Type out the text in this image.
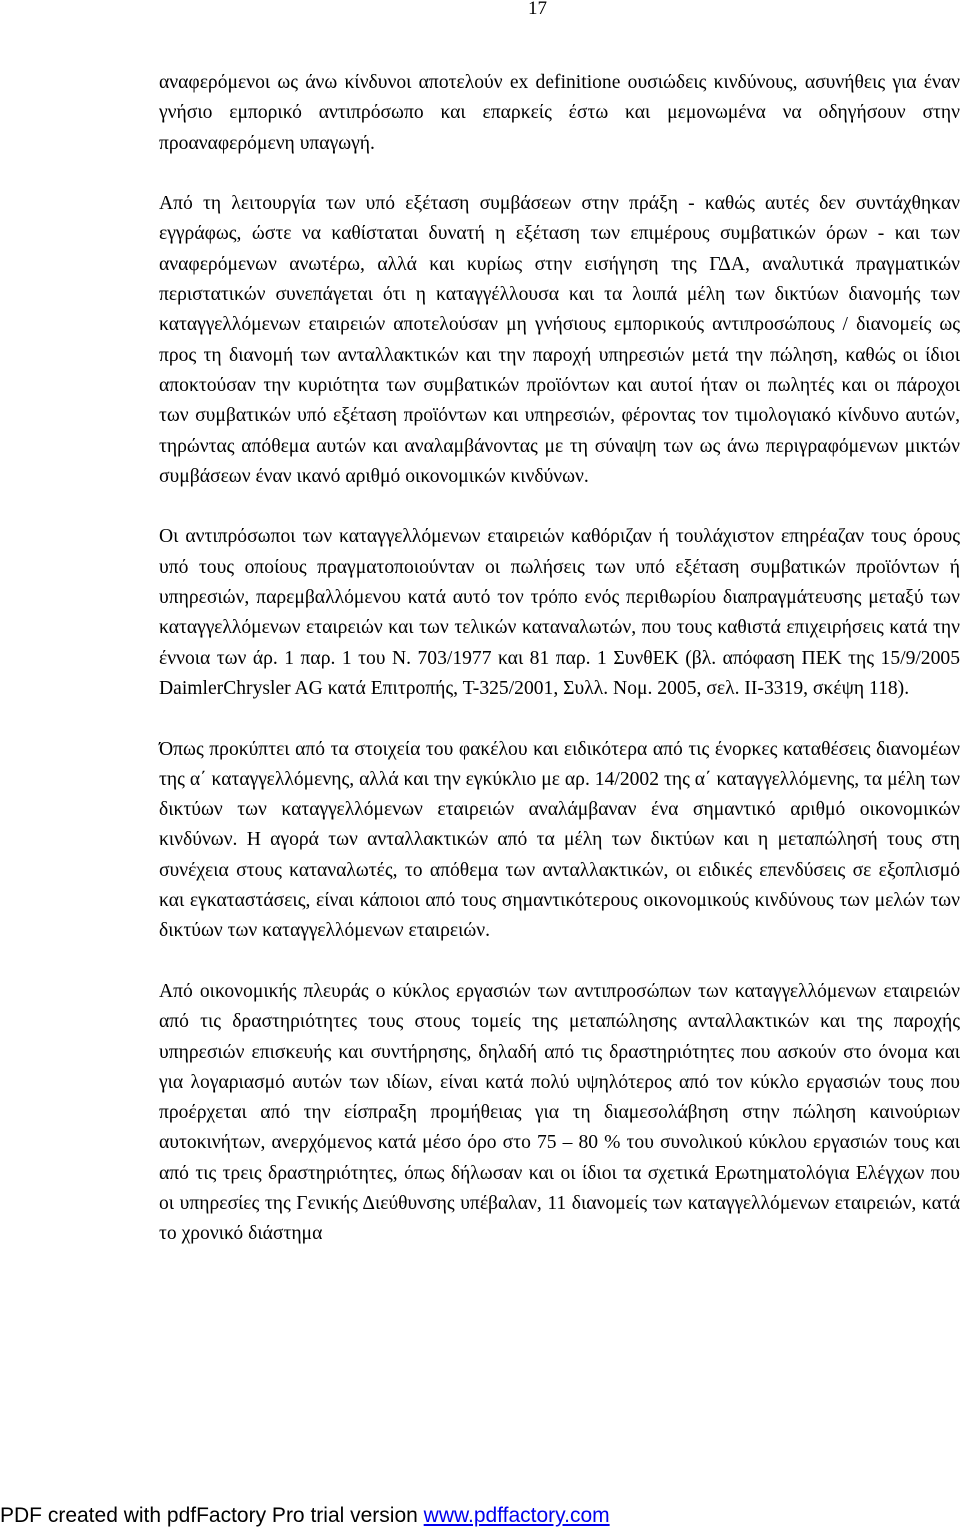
17

αναφερόμενοι ως άνω κίνδυνοι αποτελούν ex definitione ουσιώδεις κινδύνους, ασυνήθεις για έναν γνήσιο εμπορικό αντιπρόσωπο και επαρκείς έστω και μεμονωμένα να οδηγήσουν στην προαναφερόμενη υπαγωγή.

Από τη λειτουργία των υπό εξέταση συμβάσεων στην πράξη - καθώς αυτές δεν συντάχθηκαν εγγράφως, ώστε να καθίσταται δυνατή η εξέταση των επιμέρους συμβατικών όρων - και των αναφερόμενων ανωτέρω, αλλά και κυρίως στην εισήγηση της ΓΔΑ, αναλυτικά πραγματικών περιστατικών συνεπάγεται ότι η καταγγέλλουσα και τα λοιπά μέλη των δικτύων διανομής των καταγγελλόμενων εταιρειών αποτελούσαν μη γνήσιους εμπορικούς αντιπροσώπους / διανομείς ως προς τη διανομή των ανταλλακτικών και την παροχή υπηρεσιών μετά την πώληση, καθώς οι ίδιοι αποκτούσαν την κυριότητα των συμβατικών προϊόντων και αυτοί ήταν οι πωλητές και οι πάροχοι των συμβατικών υπό εξέταση προϊόντων και υπηρεσιών, φέροντας τον τιμολογιακό κίνδυνο αυτών, τηρώντας απόθεμα αυτών και αναλαμβάνοντας με τη σύναψη των ως άνω περιγραφόμενων μικτών συμβάσεων έναν ικανό αριθμό οικονομικών κινδύνων.

Οι αντιπρόσωποι των καταγγελλόμενων εταιρειών καθόριζαν ή τουλάχιστον επηρέαζαν τους όρους υπό τους οποίους πραγματοποιούνταν οι πωλήσεις των υπό εξέταση συμβατικών προϊόντων ή υπηρεσιών, παρεμβαλλόμενου κατά αυτό τον τρόπο ενός περιθωρίου διαπραγμάτευσης μεταξύ των καταγγελλόμενων εταιρειών και των τελικών καταναλωτών, που τους καθιστά επιχειρήσεις κατά την έννοια των άρ. 1 παρ. 1 του Ν. 703/1977 και 81 παρ. 1 ΣυνθΕΚ (βλ. απόφαση ΠΕΚ της 15/9/2005 DaimlerChrysler AG κατά Επιτροπής, Τ-325/2001, Συλλ. Νομ. 2005, σελ. ΙΙ-3319, σκέψη 118).

Όπως προκύπτει από τα στοιχεία του φακέλου και ειδικότερα από τις ένορκες καταθέσεις διανομέων της α΄ καταγγελλόμενης, αλλά και την εγκύκλιο με αρ. 14/2002 της α΄ καταγγελλόμενης, τα μέλη των δικτύων των καταγγελλόμενων εταιρειών αναλάμβαναν ένα σημαντικό αριθμό οικονομικών κινδύνων. Η αγορά των ανταλλακτικών από τα μέλη των δικτύων και η μεταπώλησή τους στη συνέχεια στους καταναλωτές, το απόθεμα των ανταλλακτικών, οι ειδικές επενδύσεις σε εξοπλισμό και εγκαταστάσεις, είναι κάποιοι από τους σημαντικότερους οικονομικούς κινδύνους των μελών των δικτύων των καταγγελλόμενων εταιρειών.

Από οικονομικής πλευράς ο κύκλος εργασιών των αντιπροσώπων των καταγγελλόμενων εταιρειών από τις δραστηριότητες τους στους τομείς της μεταπώλησης ανταλλακτικών και της παροχής υπηρεσιών επισκευής και συντήρησης, δηλαδή από τις δραστηριότητες που ασκούν στο όνομα και για λογαριασμό αυτών των ιδίων, είναι κατά πολύ υψηλότερος από τον κύκλο εργασιών τους που προέρχεται από την είσπραξη προμήθειας για τη διαμεσολάβηση στην πώληση καινούριων αυτοκινήτων, ανερχόμενος κατά μέσο όρο στο 75 – 80 % του συνολικού κύκλου εργασιών τους και από τις τρεις δραστηριότητες, όπως δήλωσαν και οι ίδιοι τα σχετικά Ερωτηματολόγια Ελέγχων που οι υπηρεσίες της Γενικής Διεύθυνσης υπέβαλαν, 11 διανομείς των καταγγελλόμενων εταιρειών, κατά το χρονικό διάστημα

PDF created with pdfFactory Pro trial version www.pdffactory.com
